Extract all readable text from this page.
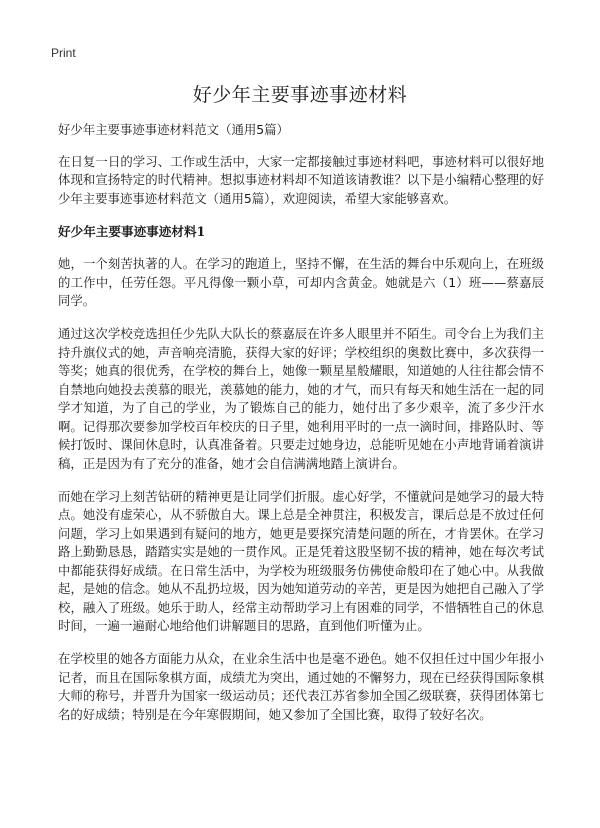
Print
好少年主要事迹事迹材料

好少年主要事迹事迹材料范文（通用5篇）

在日复一日的学习、工作或生活中，大家一定都接触过事迹材料吧，事迹材料可以很好地体现和宣扬特定的时代精神。想拟事迹材料却不知道该请教谁？以下是小编精心整理的好少年主要事迹事迹材料范文（通用5篇），欢迎阅读，希望大家能够喜欢。

好少年主要事迹事迹材料1

她，一个刻苦执著的人。在学习的跑道上，坚持不懈，在生活的舞台中乐观向上，在班级的工作中，任劳任怨。平凡得像一颗小草，可却内含黄金。她就是六（1）班——蔡嘉辰同学。

通过这次学校竞选担任少先队大队长的蔡嘉辰在许多人眼里并不陌生。司令台上为我们主持升旗仪式的她，声音响亮清脆，获得大家的好评；学校组织的奥数比赛中，多次获得一等奖；她真的很优秀，在学校的舞台上，她像一颗星星般耀眼，知道她的人往往都会情不自禁地向她投去羡慕的眼光，羡慕她的能力，她的才气，而只有每天和她生活在一起的同学才知道，为了自己的学业，为了锻炼自己的能力，她付出了多少艰辛，流了多少汗水啊。记得那次要参加学校百年校庆的日子里，她利用平时的一点一滴时间，排路队时、等候打饭时、课间休息时，认真准备着。只要走过她身边，总能听见她在小声地背诵着演讲稿，正是因为有了充分的准备，她才会自信满满地踏上演讲台。

而她在学习上刻苦钻研的精神更是让同学们折服。虚心好学，不懂就问是她学习的最大特点。她没有虚荣心，从不骄傲自大。课上总是全神贯注，积极发言，课后总是不放过任何问题，学习上如果遇到有疑问的地方，她更是要探究清楚问题的所在，才肯罢休。在学习路上勤勤恳恳，踏踏实实是她的一贯作风。正是凭着这股坚韧不拔的精神，她在每次考试中都能获得好成绩。在日常生活中，为学校为班级服务仿佛使命般印在了她心中。从我做起，是她的信念。她从不乱扔垃圾，因为她知道劳动的辛苦，更是因为她把自己融入了学校，融入了班级。她乐于助人，经常主动帮助学习上有困难的同学，不惜牺牲自己的休息时间，一遍一遍耐心地给他们讲解题目的思路，直到他们听懂为止。

在学校里的她各方面能力从众，在业余生活中也是毫不逊色。她不仅担任过中国少年报小记者，而且在国际象棋方面，成绩尤为突出，通过她的不懈努力，现在已经获得国际象棋大师的称号，并晋升为国家一级运动员；还代表江苏省参加全国乙级联赛，获得团体第七名的好成绩；特别是在今年寒假期间，她又参加了全国比赛，取得了较好名次。
